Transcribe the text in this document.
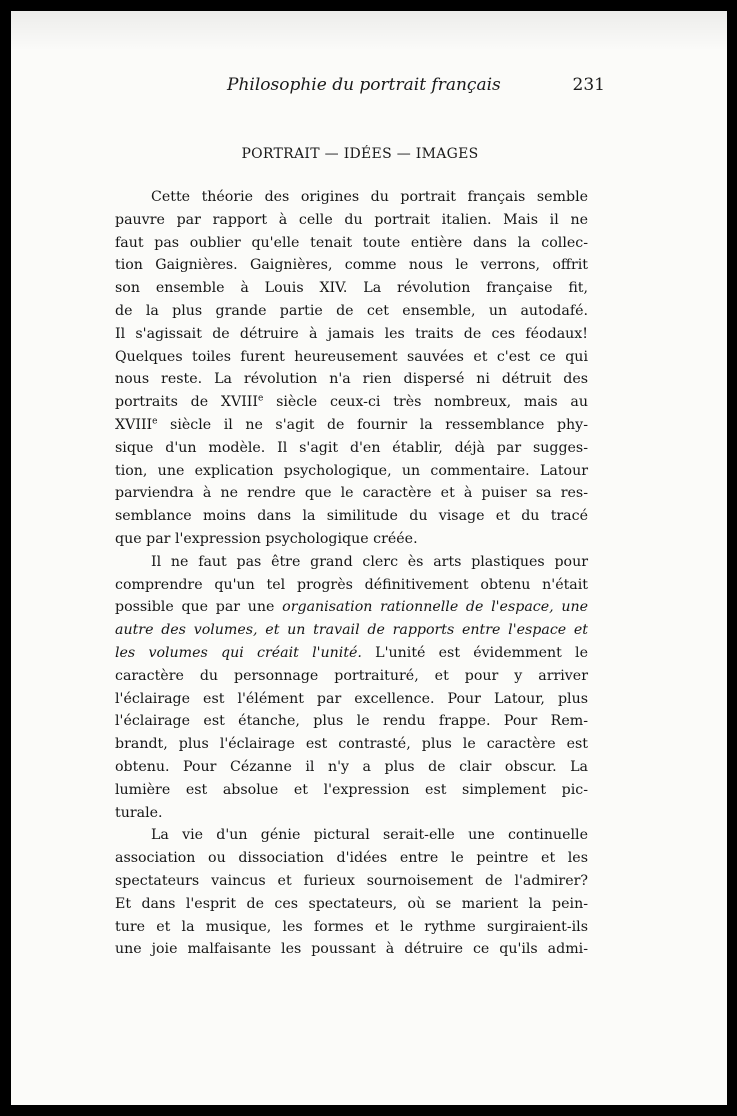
Philosophie du portrait français	231
PORTRAIT — IDÉES — IMAGES
Cette théorie des origines du portrait français semble
pauvre par rapport à celle du portrait italien. Mais il ne
faut pas oublier qu'elle tenait toute entière dans la collec-
tion Gaignières. Gaignières, comme nous le verrons, offrit
son ensemble à Louis XIV. La révolution française fit,
de la plus grande partie de cet ensemble, un autodafé.
Il s'agissait de détruire à jamais les traits de ces féodaux!
Quelques toiles furent heureusement sauvées et c'est ce qui
nous reste. La révolution n'a rien dispersé ni détruit des
portraits de XVIIIe siècle ceux-ci très nombreux, mais au
XVIIIe siècle il ne s'agit de fournir la ressemblance phy-
sique d'un modèle. Il s'agit d'en établir, déjà par sugges-
tion, une explication psychologique, un commentaire. Latour
parviendra à ne rendre que le caractère et à puiser sa res-
semblance moins dans la similitude du visage et du tracé
que par l'expression psychologique créée.
Il ne faut pas être grand clerc ès arts plastiques pour
comprendre qu'un tel progrès définitivement obtenu n'était
possible que par une organisation rationnelle de l'espace, une
autre des volumes, et un travail de rapports entre l'espace et
les volumes qui créait l'unité. L'unité est évidemment le
caractère du personnage portraituré, et pour y arriver
l'éclairage est l'élément par excellence. Pour Latour, plus
l'éclairage est étanche, plus le rendu frappe. Pour Rem-
brandt, plus l'éclairage est contrasté, plus le caractère est
obtenu. Pour Cézanne il n'y a plus de clair obscur. La
lumière est absolue et l'expression est simplement pic-
turale.
La vie d'un génie pictural serait-elle une continuelle
association ou dissociation d'idées entre le peintre et les
spectateurs vaincus et furieux sournoisement de l'admirer?
Et dans l'esprit de ces spectateurs, où se marient la pein-
ture et la musique, les formes et le rythme surgiraient-ils
une joie malfaisante les poussant à détruire ce qu'ils admi-
